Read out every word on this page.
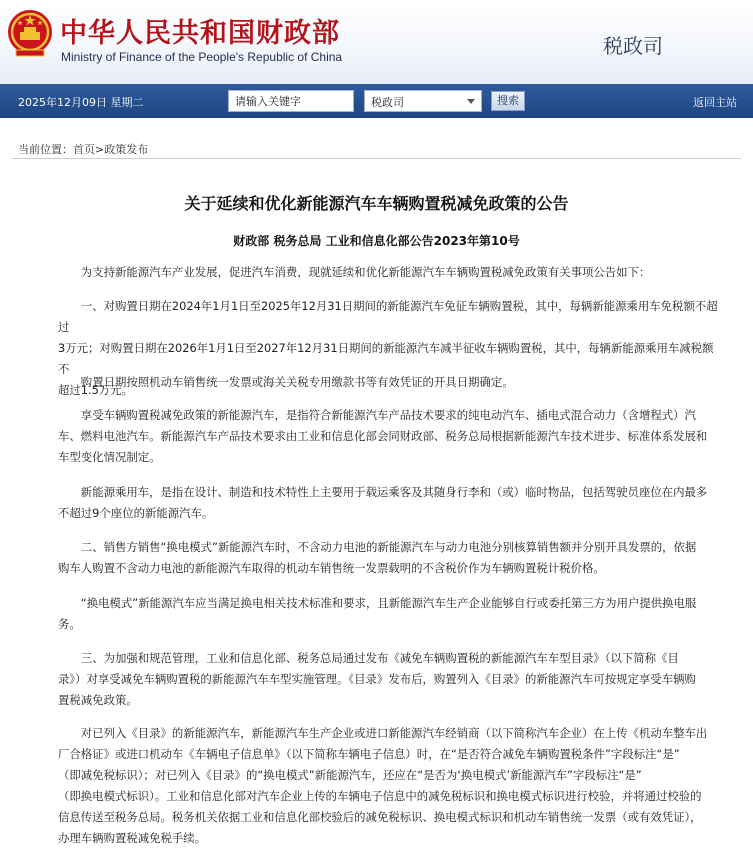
中华人民共和国财政部
Ministry of Finance of the People's Republic of China	税政司
2025年12月09日 星期二
请输入关键字	税政司	搜索	返回主站
当前位置：首页>政策发布
关于延续和优化新能源汽车车辆购置税减免政策的公告
财政部 税务总局 工业和信息化部公告2023年第10号
为支持新能源汽车产业发展，促进汽车消费，现就延续和优化新能源汽车车辆购置税减免政策有关事项公告如下：
一、对购置日期在2024年1月1日至2025年12月31日期间的新能源汽车免征车辆购置税，其中，每辆新能源乘用车免税额不超过
3万元；对购置日期在2026年1月1日至2027年12月31日期间的新能源汽车减半征收车辆购置税，其中，每辆新能源乘用车减税额不
超过1.5万元。
购置日期按照机动车销售统一发票或海关关税专用缴款书等有效凭证的开具日期确定。
享受车辆购置税减免政策的新能源汽车，是指符合新能源汽车产品技术要求的纯电动汽车、插电式混合动力（含增程式）汽
车、燃料电池汽车。新能源汽车产品技术要求由工业和信息化部会同财政部、税务总局根据新能源汽车技术进步、标准体系发展和
车型变化情况制定。
新能源乘用车，是指在设计、制造和技术特性上主要用于载运乘客及其随身行李和（或）临时物品，包括驾驶员座位在内最多
不超过9个座位的新能源汽车。
二、销售方销售“换电模式”新能源汽车时，不含动力电池的新能源汽车与动力电池分别核算销售额并分别开具发票的，依据
购车人购置不含动力电池的新能源汽车取得的机动车销售统一发票载明的不含税价作为车辆购置税计税价格。
“换电模式”新能源汽车应当满足换电相关技术标准和要求，且新能源汽车生产企业能够自行或委托第三方为用户提供换电服
务。
三、为加强和规范管理，工业和信息化部、税务总局通过发布《减免车辆购置税的新能源汽车车型目录》（以下简称《目
录》）对享受减免车辆购置税的新能源汽车车型实施管理。《目录》发布后，购置列入《目录》的新能源汽车可按规定享受车辆购
置税减免政策。
对已列入《目录》的新能源汽车，新能源汽车生产企业或进口新能源汽车经销商（以下简称汽车企业）在上传《机动车整车出
厂合格证》或进口机动车《车辆电子信息单》（以下简称车辆电子信息）时，在“是否符合减免车辆购置税条件”字段标注“是”
（即减免税标识）；对已列入《目录》的“换电模式”新能源汽车，还应在“是否为‘换电模式’新能源汽车”字段标注“是”
（即换电模式标识）。工业和信息化部对汽车企业上传的车辆电子信息中的减免税标识和换电模式标识进行校验，并将通过校验的
信息传送至税务总局。税务机关依据工业和信息化部校验后的减免税标识、换电模式标识和机动车销售统一发票（或有效凭证），
办理车辆购置税减免税手续。
